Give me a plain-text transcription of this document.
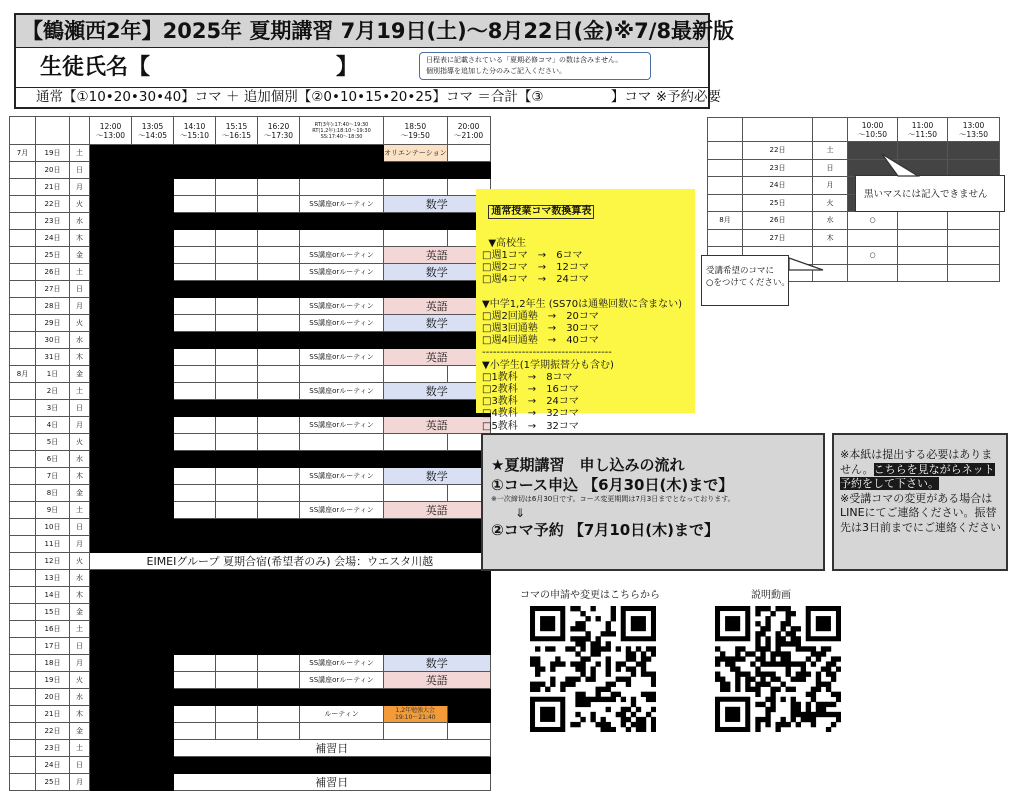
【鶴瀬西2年】2025年 夏期講習 7月19日(土)～8月22日(金)※7/8最新版
生徒氏名【	】
通常【①10•20•30•40】コマ ＋ 追加個別【②0•10•15•20•25】コマ ＝合計【③　　　　　】コマ ※予約必要
日程表に記載されている「夏期必修コマ」の数は含みません。
個別指導を追加した分のみご記入ください。
			12:00
～13:00	13:05
～14:05	14:10
～15:10	15:15
～16:15	16:20
～17:30	RT(3年):17:40～19:30
RT(1,2年):18:10～19:30
SS:17:40～18:30	18:50
～19:50	20:00
～21:00
7月	19日	土							オリエンテーション	
	20日	日								
	21日	月								
	22日	火						SS講座orルーティン	数学	
	23日	水								
	24日	木								
	25日	金						SS講座orルーティン	英語	
	26日	土						SS講座orルーティン	数学	
	27日	日								
	28日	月						SS講座orルーティン	英語	
	29日	火						SS講座orルーティン	数学	
	30日	水								
	31日	木						SS講座orルーティン	英語	
8月	1日	金								
	2日	土						SS講座orルーティン	数学	
	3日	日								
	4日	月						SS講座orルーティン	英語	
	5日	火								
	6日	水								
	7日	木						SS講座orルーティン	数学	
	8日	金								
	9日	土						SS講座orルーティン	英語	
	10日	日								
	11日	月								
	12日	火	EIMEIグループ 夏期合宿(希望者のみ) 会場：ウエスタ川越							
	13日	水								
	14日	木								
	15日	金								
	16日	土								
	17日	日								
	18日	月						SS講座orルーティン	数学	
	19日	火						SS講座orルーティン	英語	
	20日	水								
	21日	木						ルーティン	1,2年勉強大会
19:10～21:40	
	22日	金								
	23日	土			補習日					
	24日	日								
	25日	月			補習日					

通常授業コマ数換算表

▼高校生
□週1コマ　→　6コマ
□週2コマ　→　12コマ
□週4コマ　→　24コマ

▼中学1,2年生 (SS70は通塾回数に含まない)
□週2回通塾　→　20コマ
□週3回通塾　→　30コマ
□週4回通塾　→　40コマ
------------------------------------
▼小学生(1学期振替分も含む)
□1教科　→　8コマ
□2教科　→　16コマ
□3教科　→　24コマ
□4教科　→　32コマ
□5教科　→　32コマ

★夏期講習　申し込みの流れ
①コース申込 【6月30日(木)まで】
※一次締切は6月30日です。コース変更期間は7月3日までとなっております。
⇓
②コマ予約 【7月10日(木)まで】
※本紙は提出する必要はありません。こちらを見ながらネット予約をして下さい。
※受講コマの変更がある場合はLINEにてご連絡ください。振替先は3日前までにご連絡ください
コマの申請や変更はこちらから	説明動画
			10:00
～10:50	11:00
～11:50	13:00
～13:50
	22日	土			
	23日	日			
	24日	月			
	25日	火			
8月	26日	水	○		
	27日	木			
			○		

黒いマスには記入できません
受講希望のコマに
○をつけてください。
